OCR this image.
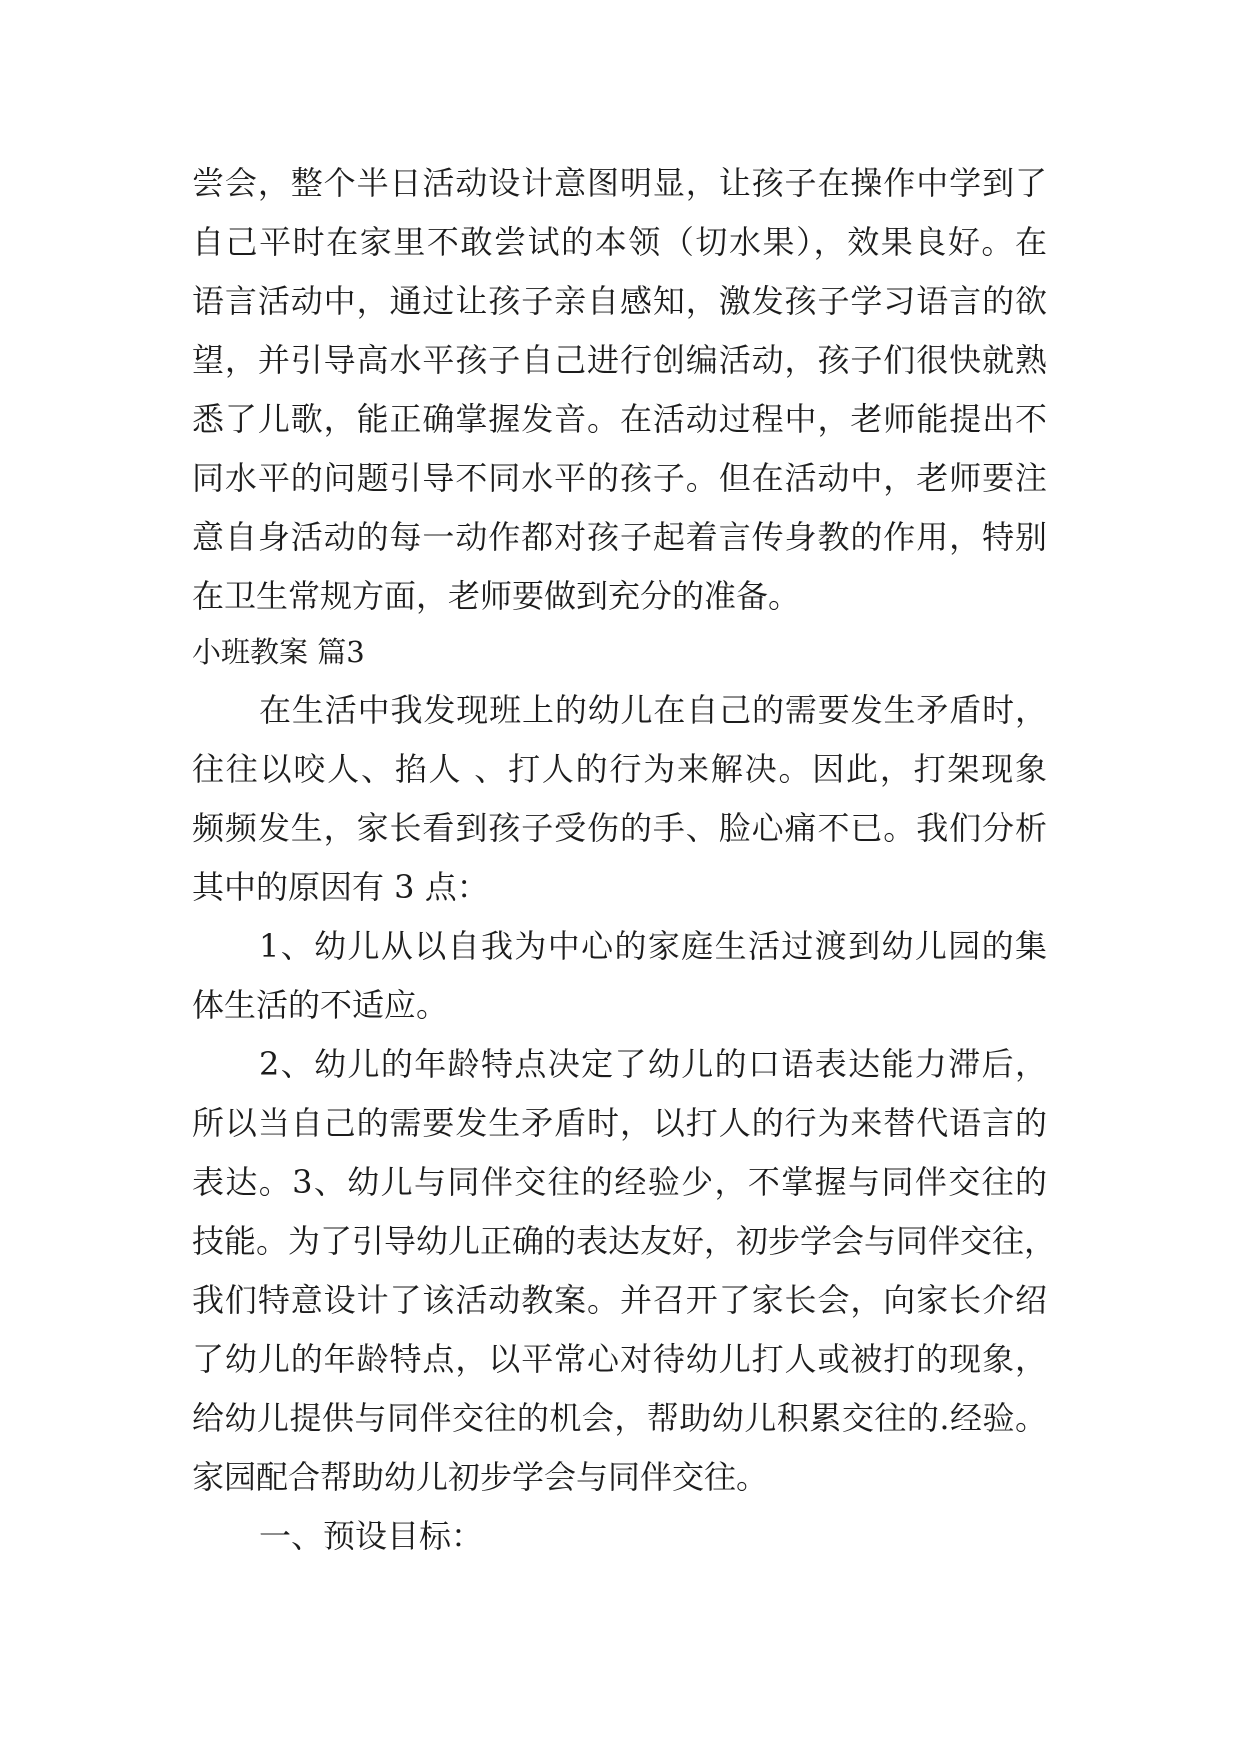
尝会，整个半日活动设计意图明显，让孩子在操作中学到了
自己平时在家里不敢尝试的本领（切水果），效果良好。在
语言活动中，通过让孩子亲自感知，激发孩子学习语言的欲
望，并引导高水平孩子自己进行创编活动，孩子们很快就熟
悉了儿歌，能正确掌握发音。在活动过程中，老师能提出不
同水平的问题引导不同水平的孩子。但在活动中，老师要注
意自身活动的每一动作都对孩子起着言传身教的作用，特别
在卫生常规方面，老师要做到充分的准备。
小班教案 篇3
在生活中我发现班上的幼儿在自己的需要发生矛盾时，
往往以咬人、掐人 、打人的行为来解决。因此，打架现象
频频发生，家长看到孩子受伤的手、脸心痛不已。我们分析
其中的原因有 3 点：
1、幼儿从以自我为中心的家庭生活过渡到幼儿园的集
体生活的不适应。
2、幼儿的年龄特点决定了幼儿的口语表达能力滞后，
所以当自己的需要发生矛盾时，以打人的行为来替代语言的
表达。3、幼儿与同伴交往的经验少，不掌握与同伴交往的
技能。为了引导幼儿正确的表达友好，初步学会与同伴交往，
我们特意设计了该活动教案。并召开了家长会，向家长介绍
了幼儿的年龄特点，以平常心对待幼儿打人或被打的现象，
给幼儿提供与同伴交往的机会，帮助幼儿积累交往的.经验。
家园配合帮助幼儿初步学会与同伴交往。
一、预设目标：
